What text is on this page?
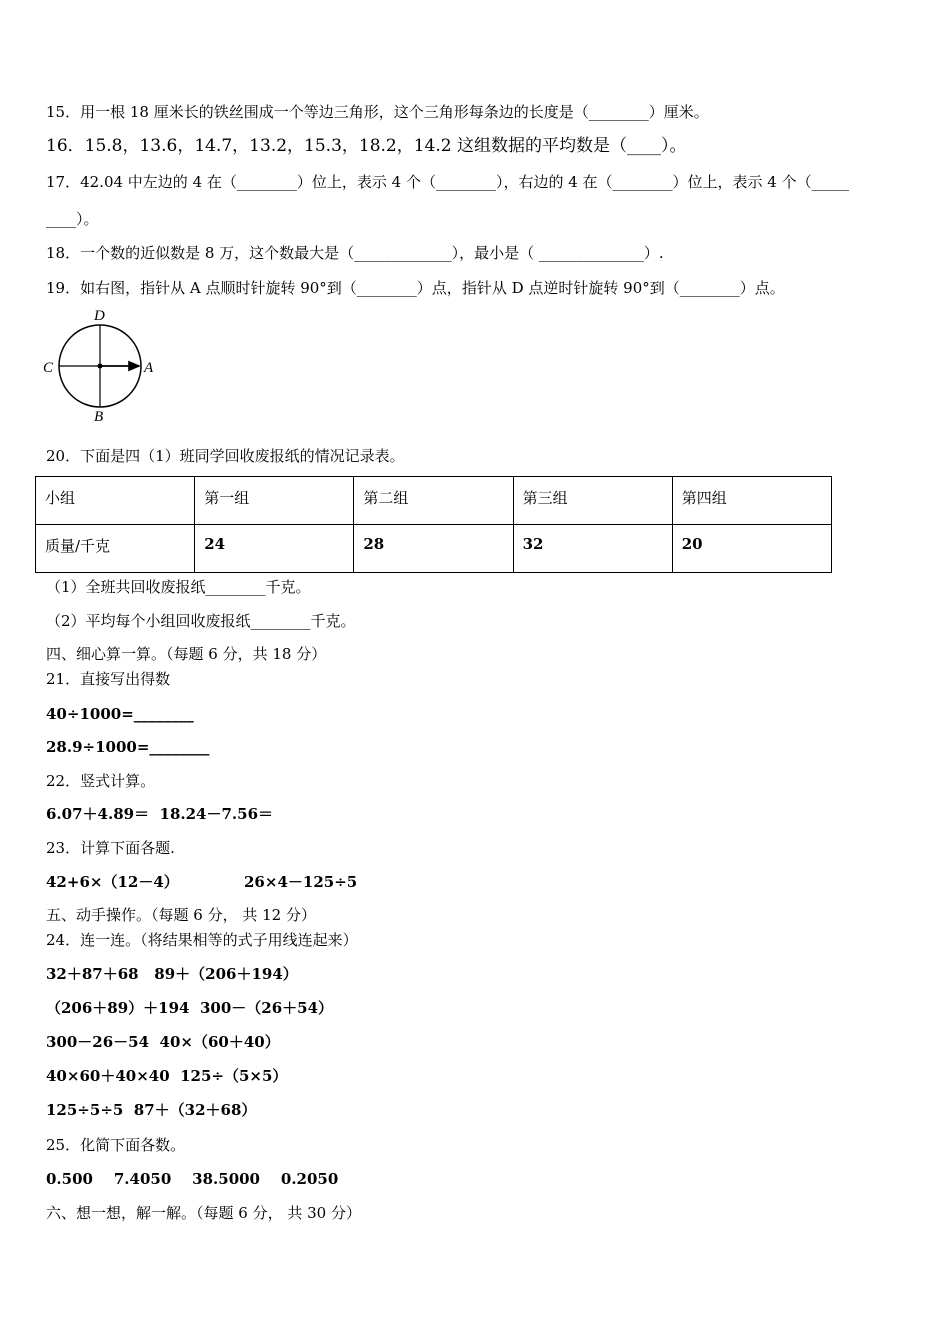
15．用一根 18 厘米长的铁丝围成一个等边三角形，这个三角形每条边的长度是（________）厘米。
16．15.8，13.6，14.7，13.2，15.3，18.2，14.2 这组数据的平均数是（____）。
17．42.04 中左边的 4 在（________）位上，表示 4 个（________），右边的 4 在（________）位上，表示 4 个（_____
____）。
18．一个数的近似数是 8 万，这个数最大是（_____________），最小是（ ______________）.
19．如右图，指针从 A 点顺时针旋转 90°到（________）点，指针从 D 点逆时针旋转 90°到（________）点。
D
C	A
B
20．下面是四（1）班同学回收废报纸的情况记录表。
小组	第一组	第二组	第三组	第四组
质量/千克	24	28	32	20
（1）全班共回收废报纸________千克。
（2）平均每个小组回收废报纸________千克。
四、细心算一算。（每题 6 分，共 18 分）
21．直接写出得数
40÷1000=________
28.9÷1000=________
22．竖式计算。
6.07＋4.89＝  18.24－7.56＝
23．计算下面各题.
42+6×（12－4）	26×4－125÷5
五、动手操作。（每题 6 分， 共 12 分）
24．连一连。（将结果相等的式子用线连起来）
32＋87＋68   89＋（206＋194）
（206＋89）＋194  300－（26＋54）
300－26－54  40×（60＋40）
40×60＋40×40  125÷（5×5）
125÷5÷5  87＋（32＋68）
25．化简下面各数。
0.500    7.4050    38.5000    0.2050
六、想一想，解一解。（每题 6 分， 共 30 分）
